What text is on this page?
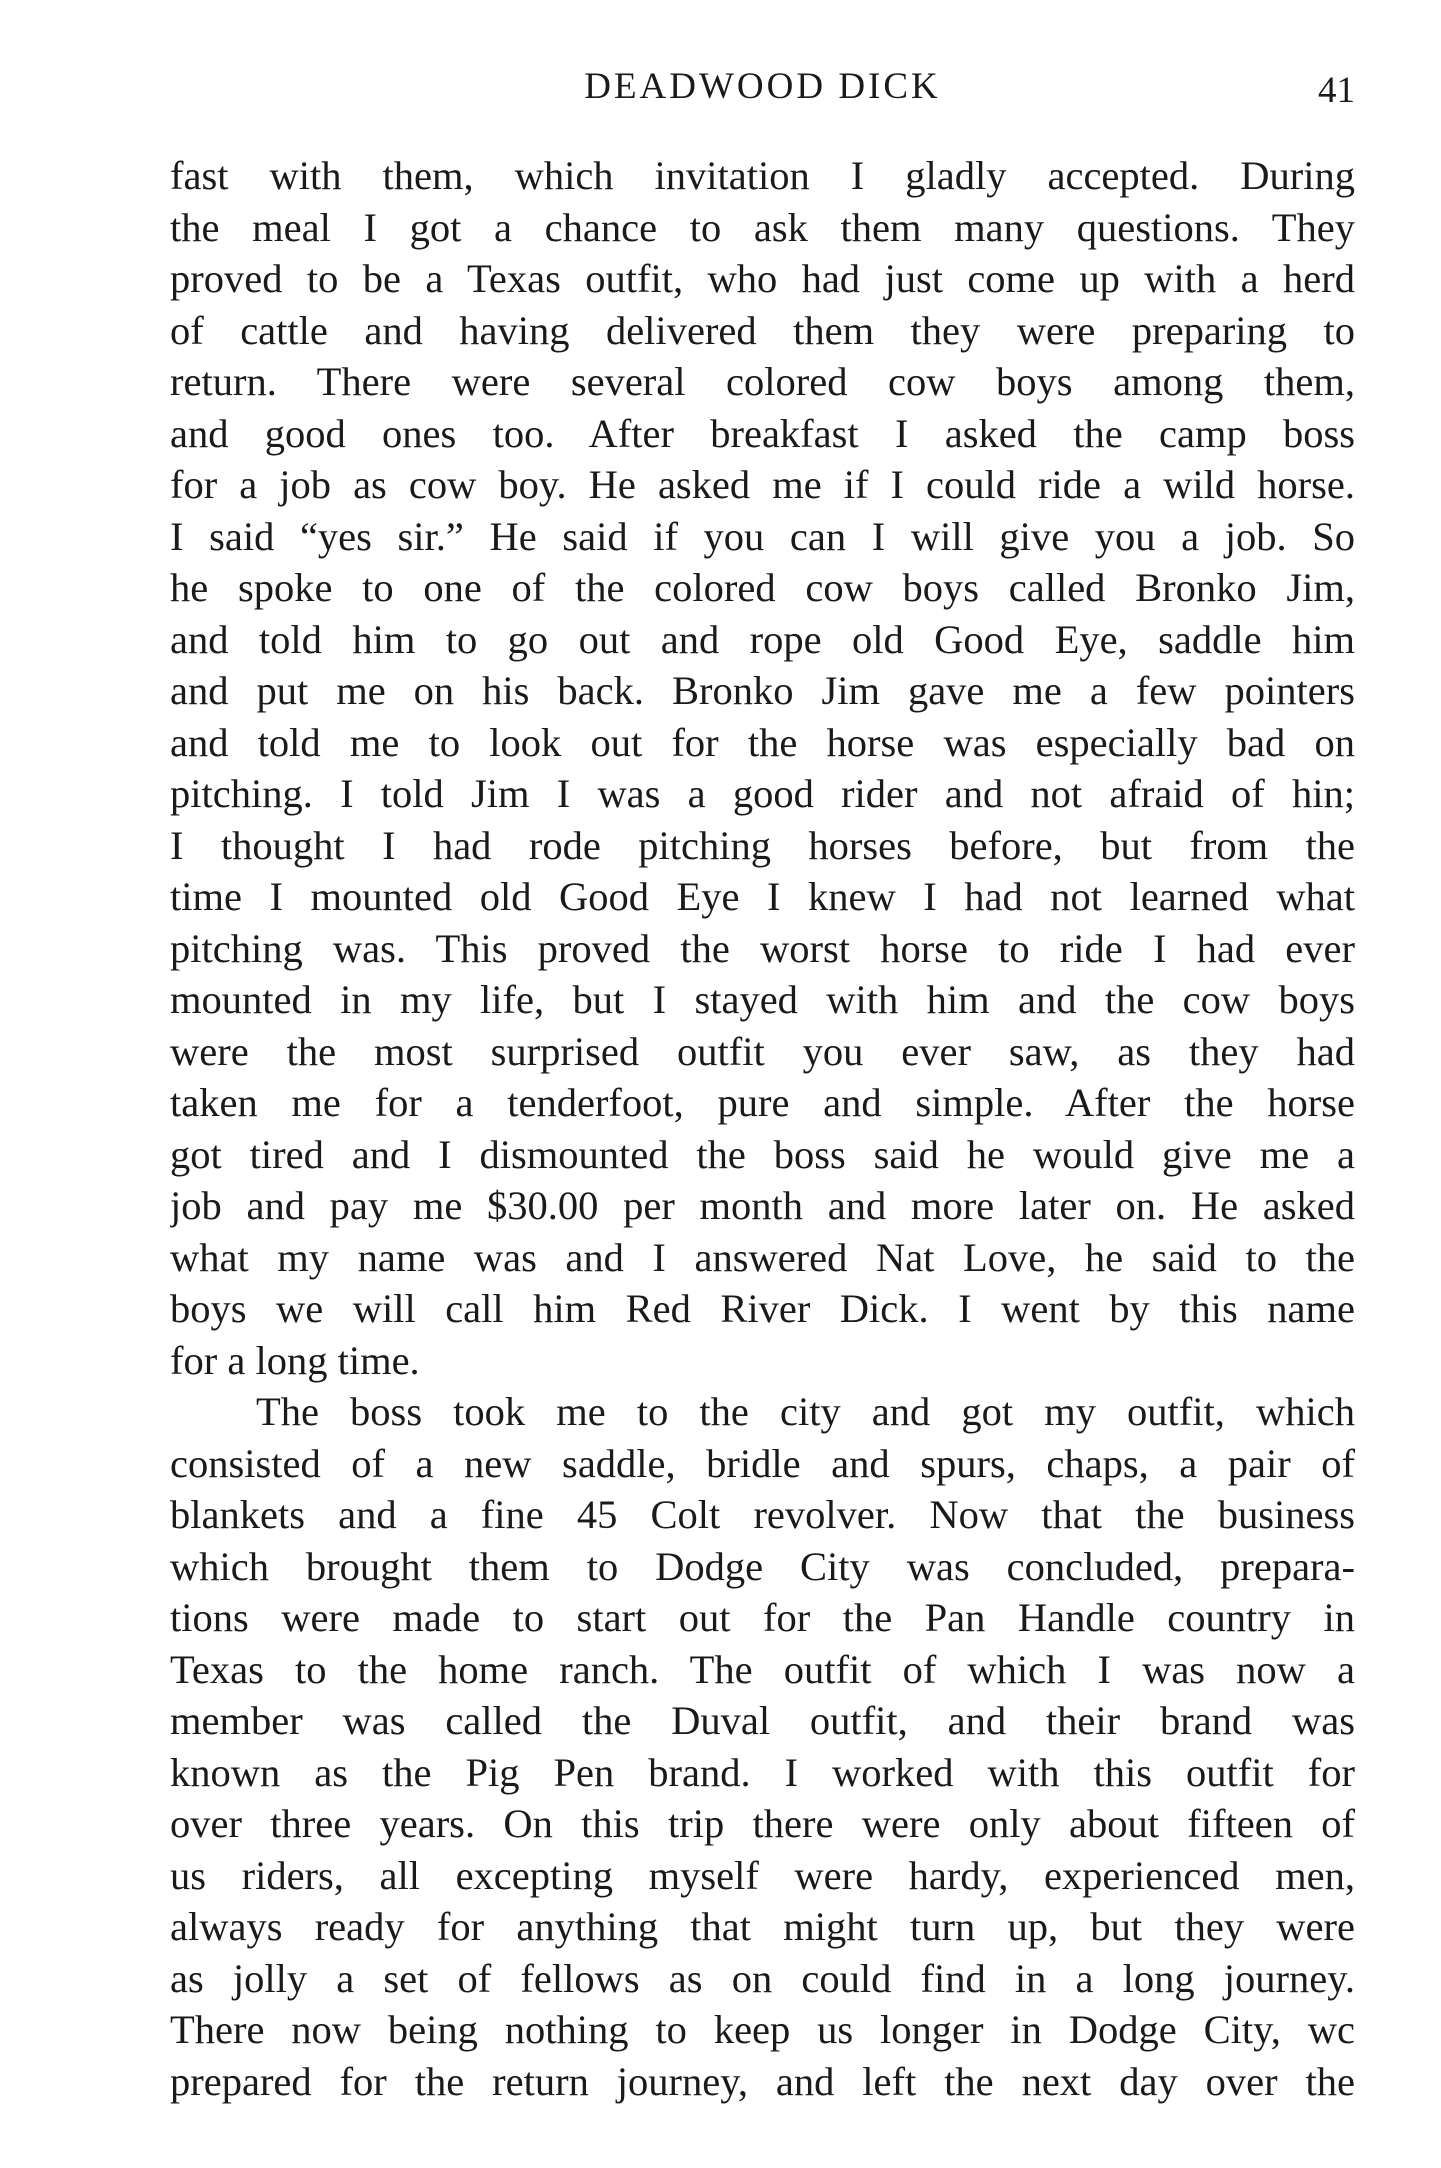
DEADWOOD DICK	41
fast with them, which invitation I gladly accepted. During
the meal I got a chance to ask them many questions. They
proved to be a Texas outfit, who had just come up with a herd
of cattle and having delivered them they were preparing to
return. There were several colored cow boys among them,
and good ones too. After breakfast I asked the camp boss
for a job as cow boy. He asked me if I could ride a wild horse.
I said “yes sir.” He said if you can I will give you a job. So
he spoke to one of the colored cow boys called Bronko Jim,
and told him to go out and rope old Good Eye, saddle him
and put me on his back. Bronko Jim gave me a few pointers
and told me to look out for the horse was especially bad on
pitching. I told Jim I was a good rider and not afraid of hin;
I thought I had rode pitching horses before, but from the
time I mounted old Good Eye I knew I had not learned what
pitching was. This proved the worst horse to ride I had ever
mounted in my life, but I stayed with him and the cow boys
were the most surprised outfit you ever saw, as they had
taken me for a tenderfoot, pure and simple. After the horse
got tired and I dismounted the boss said he would give me a
job and pay me $30.00 per month and more later on. He asked
what my name was and I answered Nat Love, he said to the
boys we will call him Red River Dick. I went by this name
for a long time.
The boss took me to the city and got my outfit, which
consisted of a new saddle, bridle and spurs, chaps, a pair of
blankets and a fine 45 Colt revolver. Now that the business
which brought them to Dodge City was concluded, prepara-
tions were made to start out for the Pan Handle country in
Texas to the home ranch. The outfit of which I was now a
member was called the Duval outfit, and their brand was
known as the Pig Pen brand. I worked with this outfit for
over three years. On this trip there were only about fifteen of
us riders, all excepting myself were hardy, experienced men,
always ready for anything that might turn up, but they were
as jolly a set of fellows as on could find in a long journey.
There now being nothing to keep us longer in Dodge City, wc
prepared for the return journey, and left the next day over the
